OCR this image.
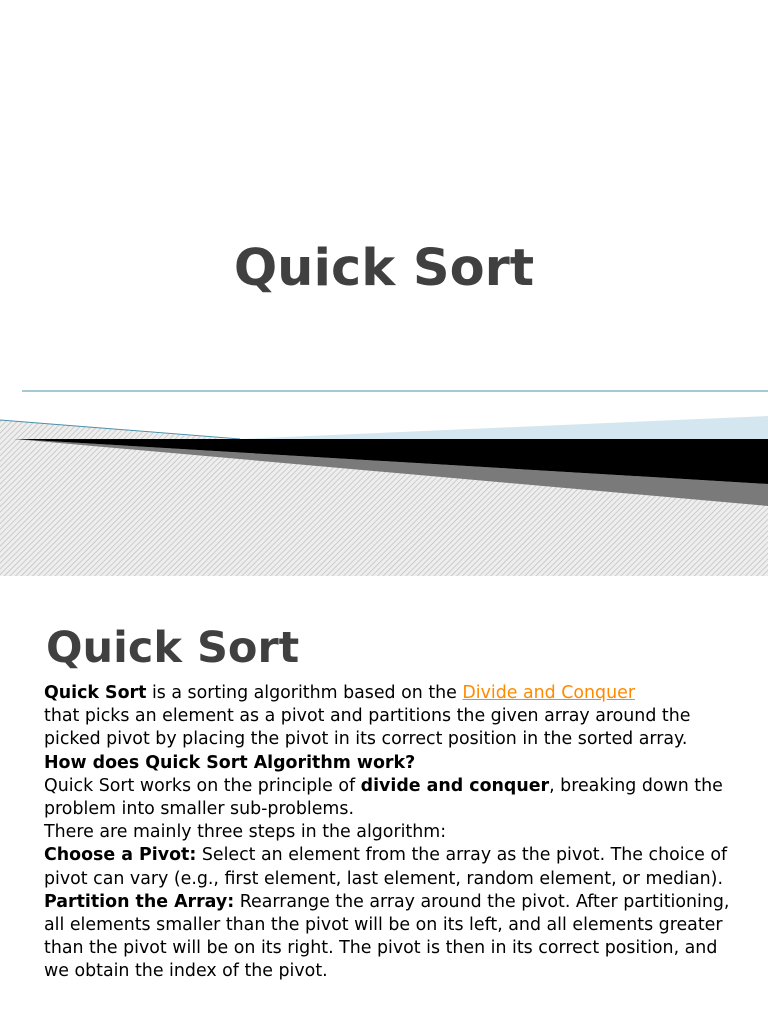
Quick Sort
Quick Sort

Quick Sort is a sorting algorithm based on the Divide and Conquer
that picks an element as a pivot and partitions the given array around the picked pivot by placing the pivot in its correct position in the sorted array.

How does Quick Sort Algorithm work?

Quick Sort works on the principle of divide and conquer, breaking down the problem into smaller sub-problems.

There are mainly three steps in the algorithm:

Choose a Pivot: Select an element from the array as the pivot. The choice of pivot can vary (e.g., first element, last element, random element, or median).

Partition the Array: Rearrange the array around the pivot. After partitioning, all elements smaller than the pivot will be on its left, and all elements greater than the pivot will be on its right. The pivot is then in its correct position, and we obtain the index of the pivot.
